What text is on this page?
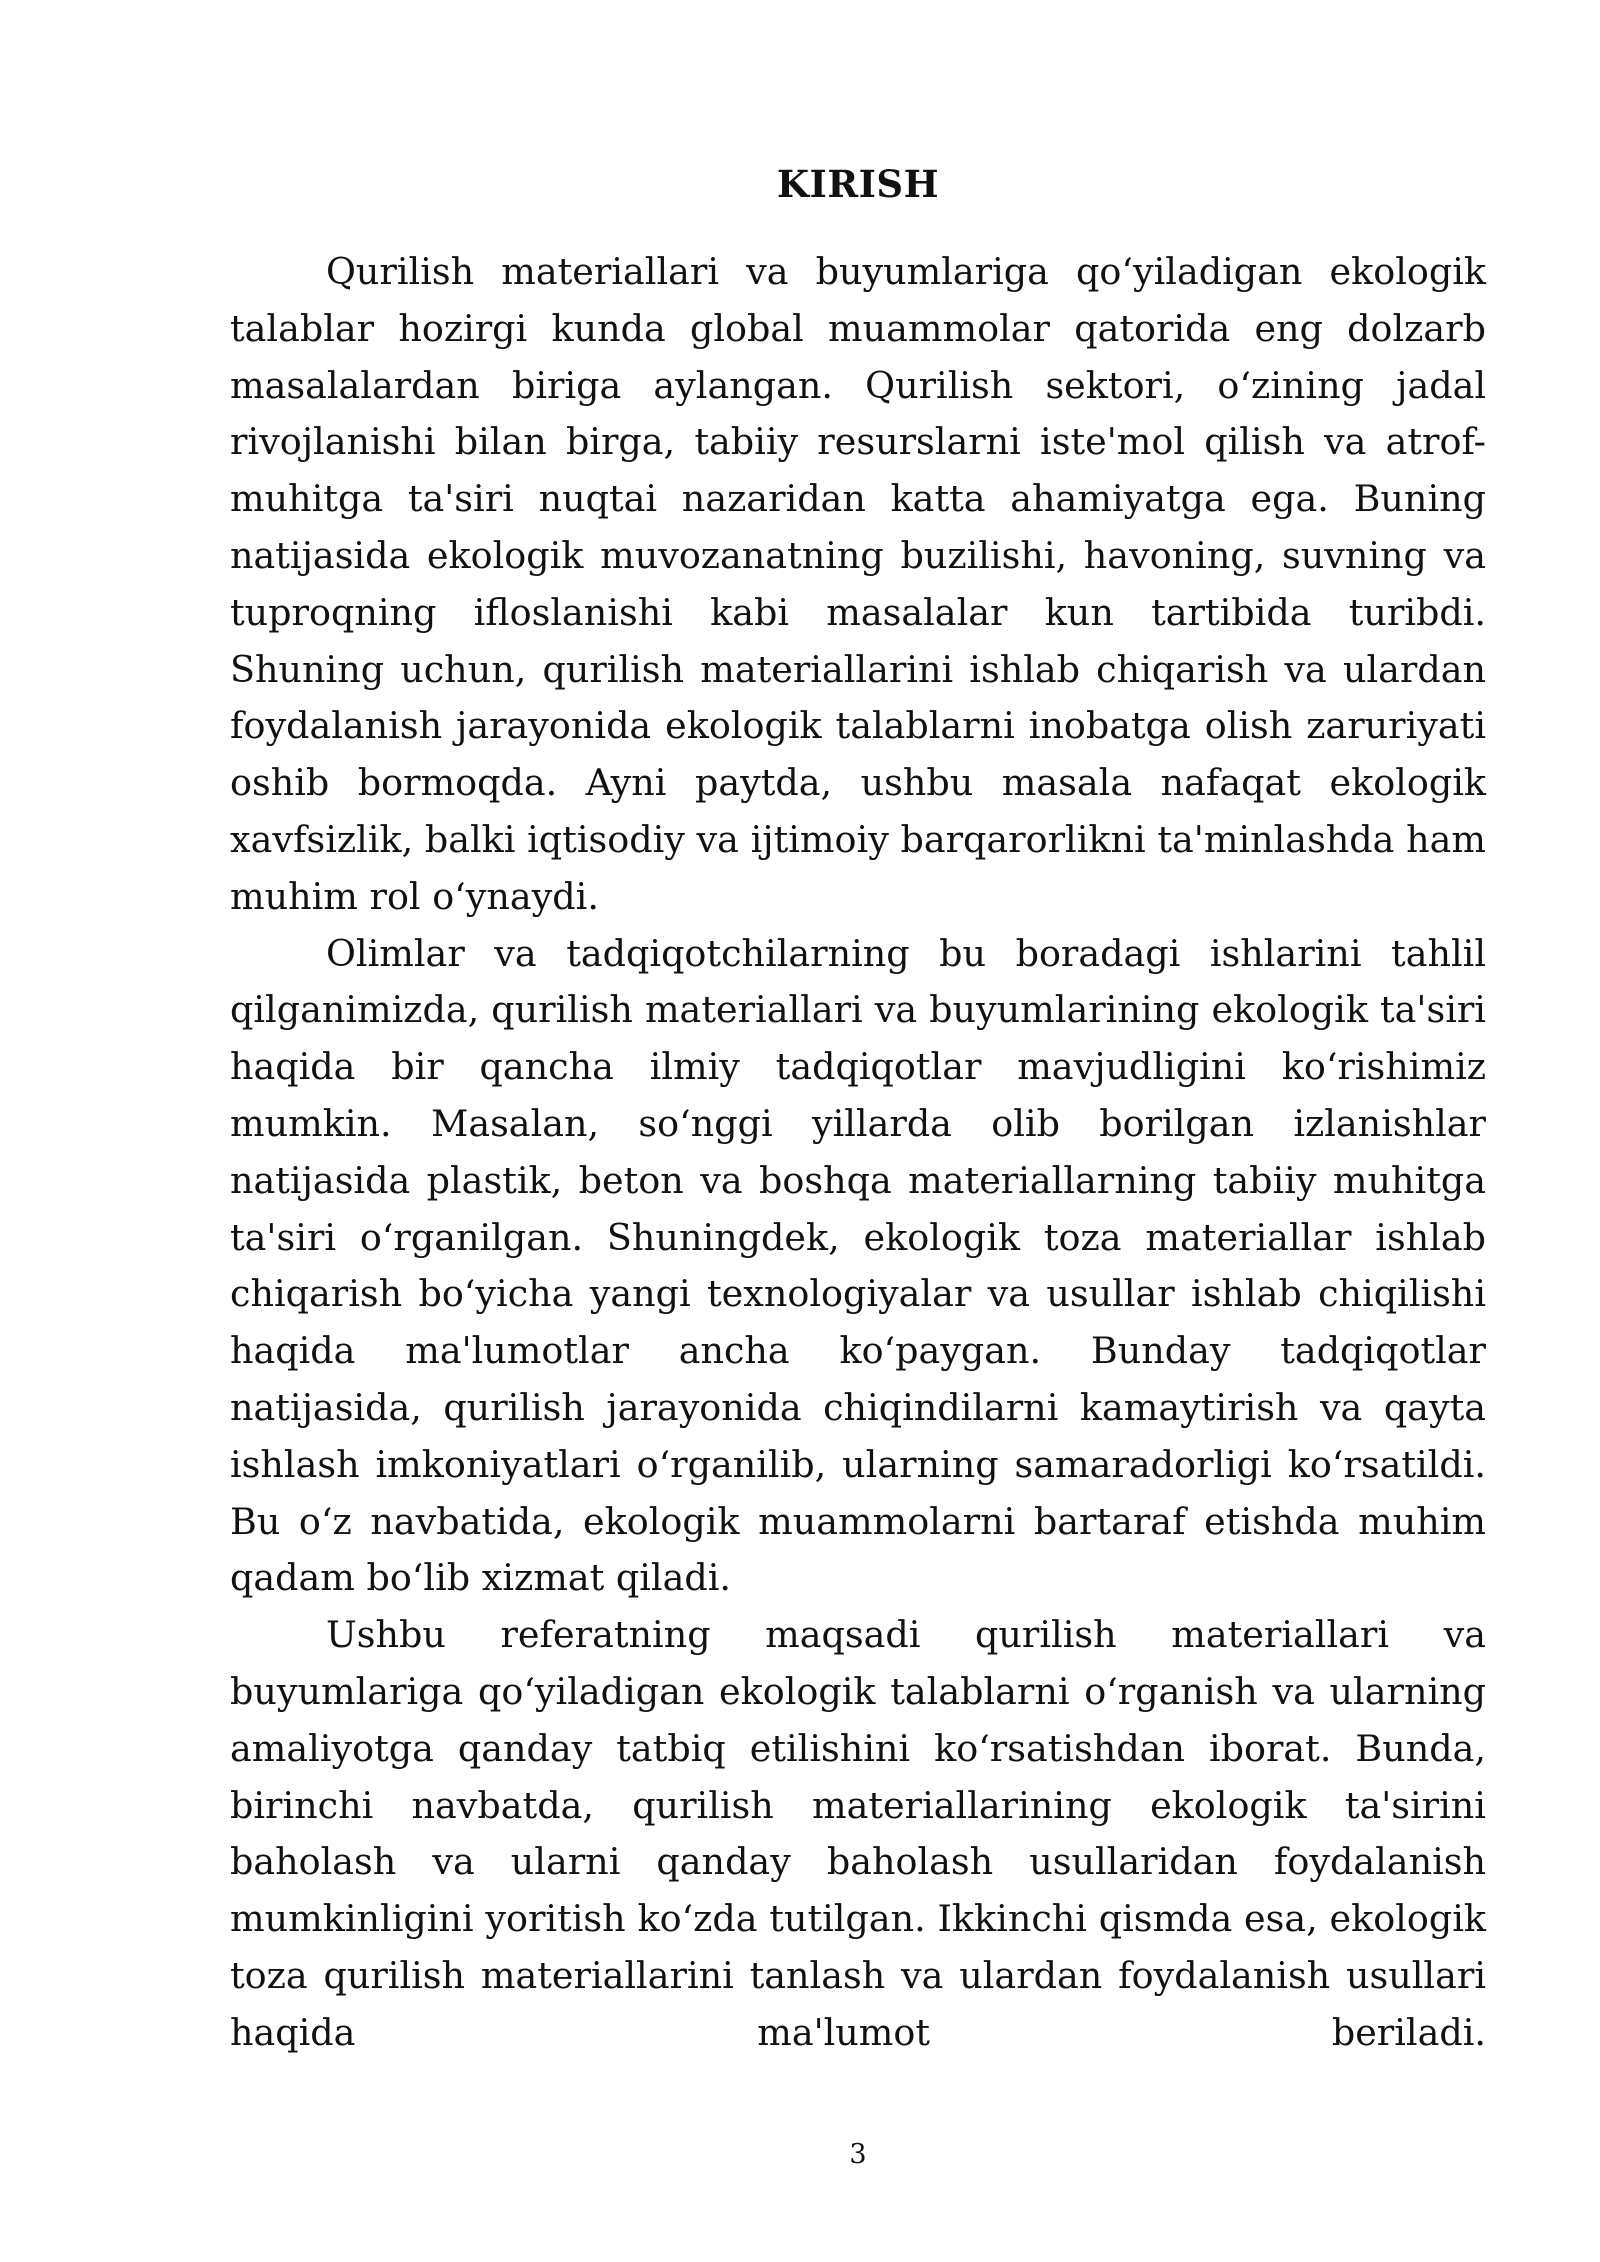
KIRISH

Qurilish materiallari va buyumlariga qoʻyiladigan ekologik talablar hozirgi kunda global muammolar qatorida eng dolzarb masalalardan biriga aylangan. Qurilish sektori, oʻzining jadal rivojlanishi bilan birga, tabiiy resurslarni iste'mol qilish va atrof-muhitga ta'siri nuqtai nazaridan katta ahamiyatga ega. Buning natijasida ekologik muvozanatning buzilishi, havoning, suvning va tuproqning ifloslanishi kabi masalalar kun tartibida turibdi. Shuning uchun, qurilish materiallarini ishlab chiqarish va ulardan foydalanish jarayonida ekologik talablarni inobatga olish zaruriyati oshib bormoqda. Ayni paytda, ushbu masala nafaqat ekologik xavfsizlik, balki iqtisodiy va ijtimoiy barqarorlikni ta'minlashda ham muhim rol oʻynaydi.

Olimlar va tadqiqotchilarning bu boradagi ishlarini tahlil qilganimizda, qurilish materiallari va buyumlarining ekologik ta'siri haqida bir qancha ilmiy tadqiqotlar mavjudligini koʻrishimiz mumkin. Masalan, soʻnggi yillarda olib borilgan izlanishlar natijasida plastik, beton va boshqa materiallarning tabiiy muhitga ta'siri oʻrganilgan. Shuningdek, ekologik toza materiallar ishlab chiqarish boʻyicha yangi texnologiyalar va usullar ishlab chiqilishi haqida ma'lumotlar ancha koʻpaygan. Bunday tadqiqotlar natijasida, qurilish jarayonida chiqindilarni kamaytirish va qayta ishlash imkoniyatlari oʻrganilib, ularning samaradorligi koʻrsatildi. Bu oʻz navbatida, ekologik muammolarni bartaraf etishda muhim qadam boʻlib xizmat qiladi.

Ushbu referatning maqsadi qurilish materiallari va buyumlariga qoʻyiladigan ekologik talablarni oʻrganish va ularning amaliyotga qanday tatbiq etilishini koʻrsatishdan iborat. Bunda, birinchi navbatda, qurilish materiallarining ekologik ta'sirini baholash va ularni qanday baholash usullaridan foydalanish mumkinligini yoritish koʻzda tutilgan. Ikkinchi qismda esa, ekologik toza qurilish materiallarini tanlash va ulardan foydalanish usullari haqida ma'lumot beriladi.

3
